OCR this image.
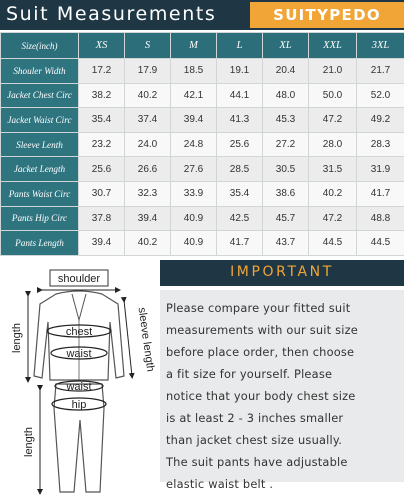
Suit Measurements	SUITYPEDO
Size(inch)	XS	S	M	L	XL	XXL	3XL
Shouler Width	17.2	17.9	18.5	19.1	20.4	21.0	21.7
Jacket Chest Circ	38.2	40.2	42.1	44.1	48.0	50.0	52.0
Jacket Waist Circ	35.4	37.4	39.4	41.3	45.3	47.2	49.2
Sleeve Lenth	23.2	24.0	24.8	25.6	27.2	28.0	28.3
Jacket Length	25.6	26.6	27.6	28.5	30.5	31.5	31.9
Pants Waist Circ	30.7	32.3	33.9	35.4	38.6	40.2	41.7
Pants Hip Circ	37.8	39.4	40.9	42.5	45.7	47.2	48.8
Pants Length	39.4	40.2	40.9	41.7	43.7	44.5	44.5
shoulder
length	sleeve length
chest
waist
waist
hip
length
IMPORTANT
Please compare your fitted suit
measurements with our suit size
before place order, then choose
a fit size for yourself. Please
notice that your body chest size
is at least 2 - 3 inches smaller
than jacket chest size usually.
The suit pants have adjustable
elastic waist belt .
